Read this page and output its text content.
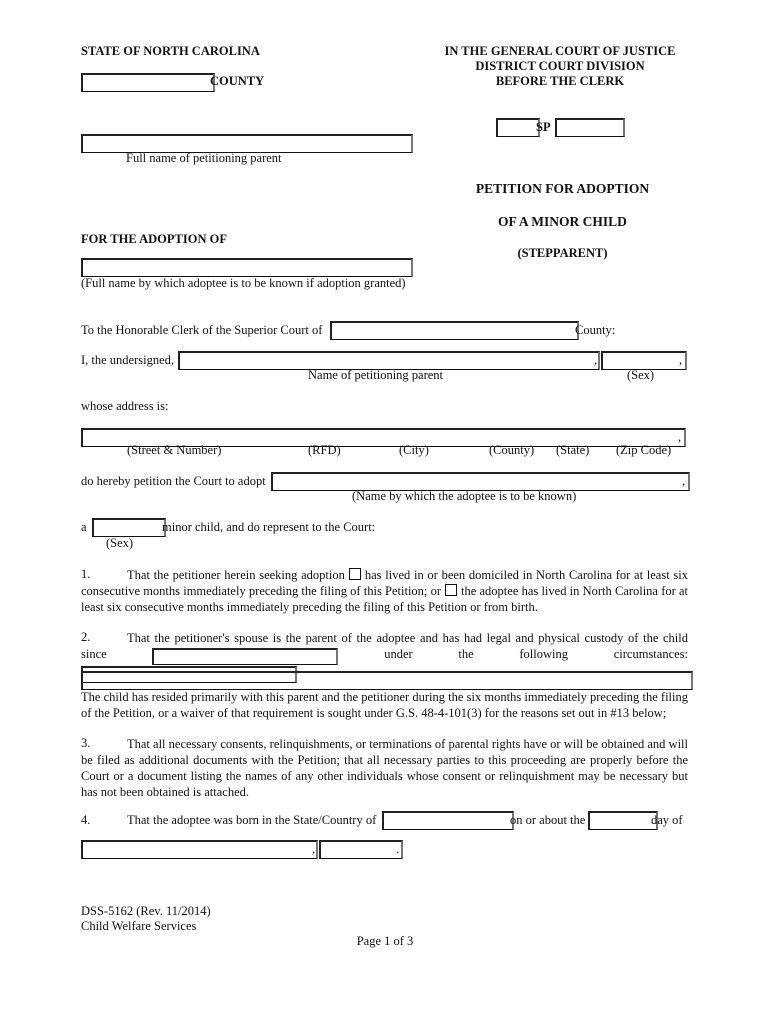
STATE OF NORTH CAROLINA
COUNTY
IN THE GENERAL COURT OF JUSTICE
DISTRICT COURT DIVISION
BEFORE THE CLERK
SP
Full name of petitioning parent
PETITION FOR ADOPTION
OF A MINOR CHILD
(STEPPARENT)
FOR THE ADOPTION OF
(Full name by which adoptee is to be known if adoption granted)
To the Honorable Clerk of the Superior Court of	County:
I, the undersigned,	,	,
Name of petitioning parent	(Sex)
whose address is:
,
(Street & Number)	(RFD)	(City)	(County) (State) (Zip Code)
do hereby petition the Court to adopt	,
(Name by which the adoptee is to be known)
a	minor child, and do represent to the Court:
(Sex)
1.	That the petitioner herein seeking adoption has lived in or been domiciled in North Carolina for at least six consecutive months immediately preceding the filing of this Petition; or the adoptee has lived in North Carolina for at least six consecutive months immediately preceding the filing of this Petition or from birth.
2.	That the petitioner's spouse is the parent of the adoptee and has had legal and physical custody of the child since	under the following circumstances:
The child has resided primarily with this parent and the petitioner during the six months immediately preceding the filing of the Petition, or a waiver of that requirement is sought under G.S. 48-4-101(3) for the reasons set out in #13 below;
3.	That all necessary consents, relinquishments, or terminations of parental rights have or will be obtained and will be filed as additional documents with the Petition; that all necessary parties to this proceeding are properly before the Court or a document listing the names of any other individuals whose consent or relinquishment may be necessary but has not been obtained is attached.
4.	That the adoptee was born in the State/Country of	on or about the	day of
,	.
DSS-5162 (Rev. 11/2014)
Child Welfare Services
Page 1 of 3
